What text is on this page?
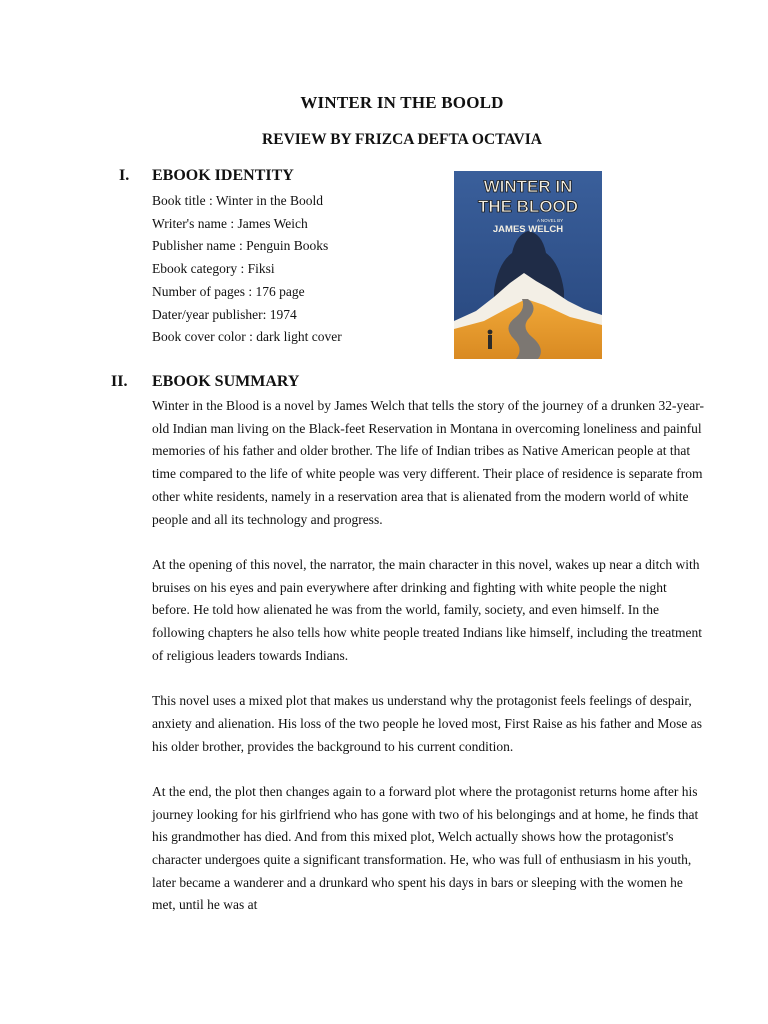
WINTER IN THE BOOLD
REVIEW BY FRIZCA DEFTA OCTAVIA
I. EBOOK IDENTITY
Book title : Winter in the Boold
Writer's name : James Weich
Publisher name : Penguin Books
Ebook category : Fiksi
Number of pages : 176 page
Dater/year publisher: 1974
Book cover color : dark light cover
WINTER IN
THE BLOOD
A NOVEL BY
JAMES WELCH
II. EBOOK SUMMARY

Winter in the Blood is a novel by James Welch that tells the story of the journey of a drunken 32-year-old Indian man living on the Black-feet Reservation in Montana in overcoming loneliness and painful memories of his father and older brother. The life of Indian tribes as Native American people at that time compared to the life of white people was very different. Their place of residence is separate from other white residents, namely in a reservation area that is alienated from the modern world of white people and all its technology and progress.

At the opening of this novel, the narrator, the main character in this novel, wakes up near a ditch with bruises on his eyes and pain everywhere after drinking and fighting with white people the night before. He told how alienated he was from the world, family, society, and even himself. In the following chapters he also tells how white people treated Indians like himself, including the treatment of religious leaders towards Indians.

This novel uses a mixed plot that makes us understand why the protagonist feels feelings of despair, anxiety and alienation. His loss of the two people he loved most, First Raise as his father and Mose as his older brother, provides the background to his current condition.

At the end, the plot then changes again to a forward plot where the protagonist returns home after his journey looking for his girlfriend who has gone with two of his belongings and at home, he finds that his grandmother has died. And from this mixed plot, Welch actually shows how the protagonist's character undergoes quite a significant transformation. He, who was full of enthusiasm in his youth, later became a wanderer and a drunkard who spent his days in bars or sleeping with the women he met, until he was at
